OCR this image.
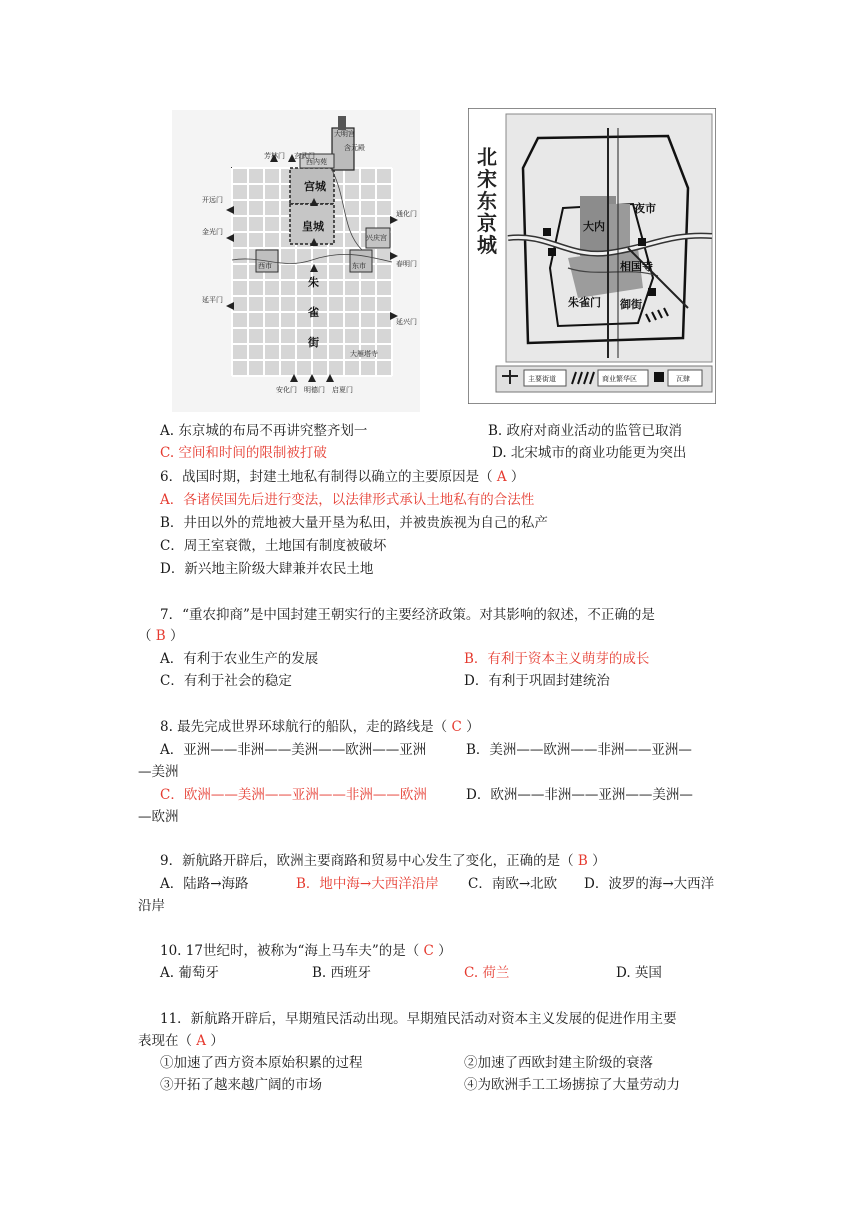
芳林门 玄武门
大明宫
西内苑
含元殿
宫城
皇城
开远门
金光门
延平门
通化门
兴庆宫
春明门
延兴门
西市	东市
大雁塔寺
安化门 明德门 启夏门
朱
雀
街
大内
夜市
相国寺
朱雀门 御街
主要街道	商业繁华区	瓦肆
北宋东京城
A. 东京城的布局不再讲究整齐划一	B. 政府对商业活动的监管已取消
C. 空间和时间的限制被打破	D. 北宋城市的商业功能更为突出
6．战国时期，封建土地私有制得以确立的主要原因是（ A ）
A．各诸侯国先后进行变法，以法律形式承认土地私有的合法性
B．井田以外的荒地被大量开垦为私田，并被贵族视为自己的私产
C．周王室衰微，土地国有制度被破坏
D．新兴地主阶级大肆兼并农民土地
7．“重农抑商”是中国封建王朝实行的主要经济政策。对其影响的叙述，不正确的是
（ B ）
A．有利于农业生产的发展	B．有利于资本主义萌芽的成长
C．有利于社会的稳定	D．有利于巩固封建统治
8. 最先完成世界环球航行的船队，走的路线是（ C ）
A．亚洲——非洲——美洲——欧洲——亚洲	B．美洲——欧洲——非洲——亚洲—
—美洲
C．欧洲——美洲——亚洲——非洲——欧洲	D．欧洲——非洲——亚洲——美洲—
—欧洲
9．新航路开辟后，欧洲主要商路和贸易中心发生了变化，正确的是（ B ）
A．陆路→海路	B．地中海→大西洋沿岸 C．南欧→北欧 D．波罗的海→大西洋
沿岸
10. 17世纪时，被称为“海上马车夫”的是（ C ）
A. 葡萄牙	B. 西班牙	C. 荷兰	D. 英国
11．新航路开辟后，早期殖民活动出现。早期殖民活动对资本主义发展的促进作用主要
表现在（ A ）
①加速了西方资本原始积累的过程	②加速了西欧封建主阶级的衰落
③开拓了越来越广阔的市场	④为欧洲手工工场掳掠了大量劳动力
